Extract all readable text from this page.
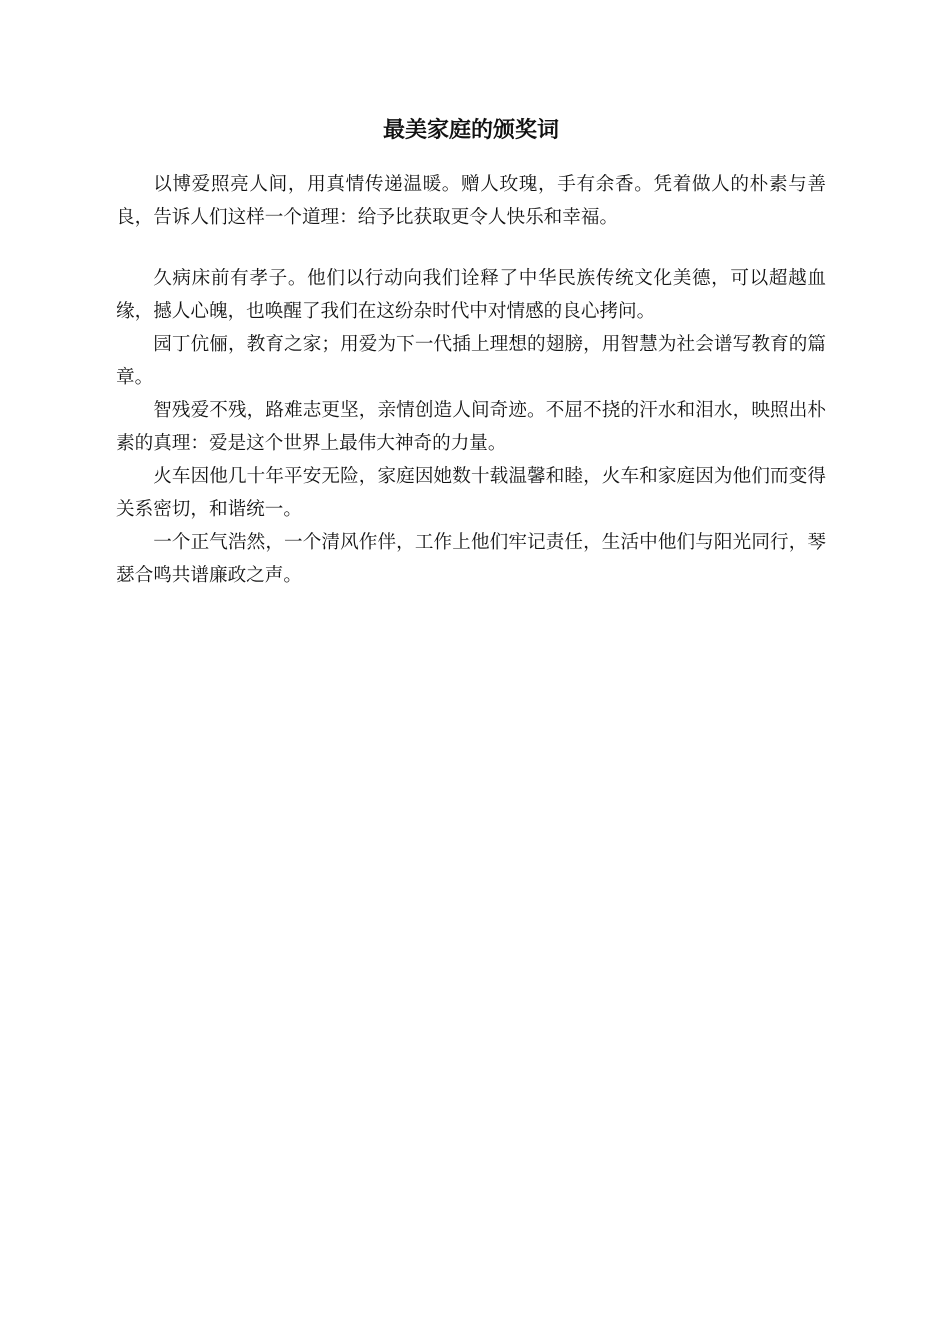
最美家庭的颁奖词

以博爱照亮人间，用真情传递温暖。赠人玫瑰，手有余香。凭着做人的朴素与善良，告诉人们这样一个道理：给予比获取更令人快乐和幸福。

久病床前有孝子。他们以行动向我们诠释了中华民族传统文化美德，可以超越血缘，撼人心魄，也唤醒了我们在这纷杂时代中对情感的良心拷问。

园丁伉俪，教育之家；用爱为下一代插上理想的翅膀，用智慧为社会谱写教育的篇章。

智残爱不残，路难志更坚，亲情创造人间奇迹。不屈不挠的汗水和泪水，映照出朴素的真理：爱是这个世界上最伟大神奇的力量。

火车因他几十年平安无险，家庭因她数十载温馨和睦，火车和家庭因为他们而变得关系密切，和谐统一。

一个正气浩然，一个清风作伴，工作上他们牢记责任，生活中他们与阳光同行，琴瑟合鸣共谱廉政之声。
